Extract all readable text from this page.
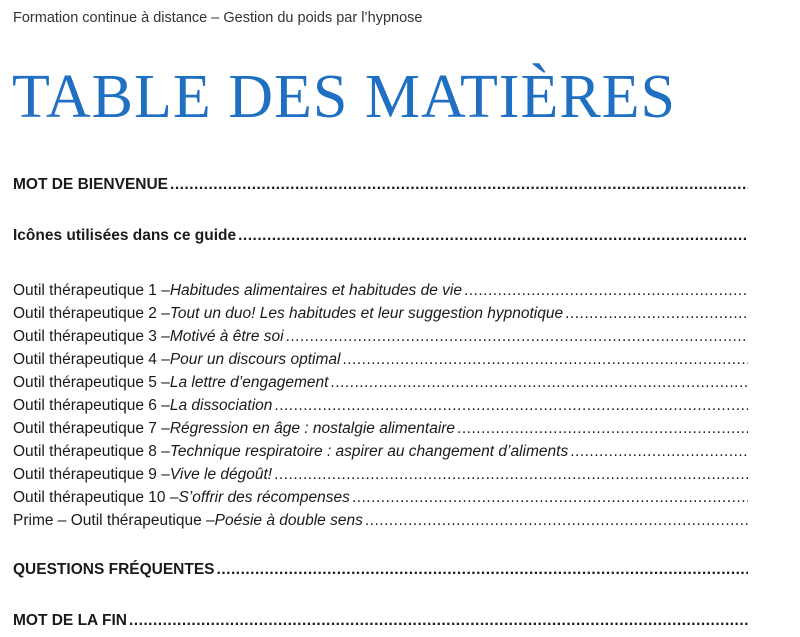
Formation continue à distance – Gestion du poids par l’hypnose
TABLE DES MATIÈRES
MOT DE BIENVENUE
.....
Icônes utilisées dans ce guide
.....
Outil thérapeutique 1 – Habitudes alimentaires et habitudes de vie
.....
Outil thérapeutique 2 – Tout un duo! Les habitudes et leur suggestion hypnotique
.....
Outil thérapeutique 3 – Motivé à être soi
.....
Outil thérapeutique 4 – Pour un discours optimal
.....
Outil thérapeutique 5 – La lettre d’engagement
.....
Outil thérapeutique 6 – La dissociation
.....
Outil thérapeutique 7 – Régression en âge : nostalgie alimentaire
.....
Outil thérapeutique 8 – Technique respiratoire : aspirer au changement d’aliments
.....
Outil thérapeutique 9 – Vive le dégoût!
.....
Outil thérapeutique 10 – S’offrir des récompenses
.....
Prime – Outil thérapeutique – Poésie à double sens
.....
QUESTIONS FRÉQUENTES
.....
MOT DE LA FIN
.....
